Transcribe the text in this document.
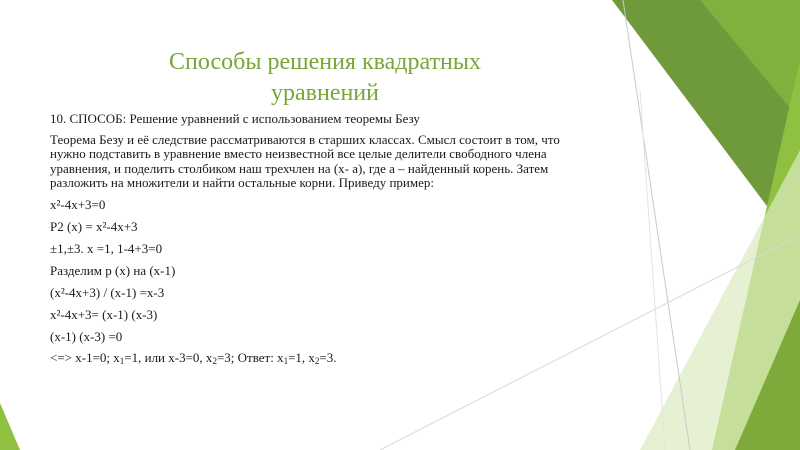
Способы решения квадратных
уравнений

10. СПОСОБ: Решение уравнений с использованием теоремы Безу

Теорема Безу и её следствие рассматриваются в старших классах. Смысл состоит в том, что нужно подставить в уравнение вместо неизвестной все целые делители свободного члена уравнения, и поделить столбиком наш трехчлен на (х- а), где а – найденный корень. Затем разложить на множители и найти остальные корни. Приведу пример:

х²-4х+3=0

Р2 (х) = х²-4х+3

±1,±3. х =1, 1-4+3=0

Разделим р (х) на (х-1)

(х²-4х+3) / (х-1) =х-3

х²-4х+3= (х-1) (х-3)

(х-1) (х-3) =0

<=> х-1=0; $х_1=1$, или х-3=0, $х_2=3$; Ответ: $х_1=1$, $х_2=3$.
